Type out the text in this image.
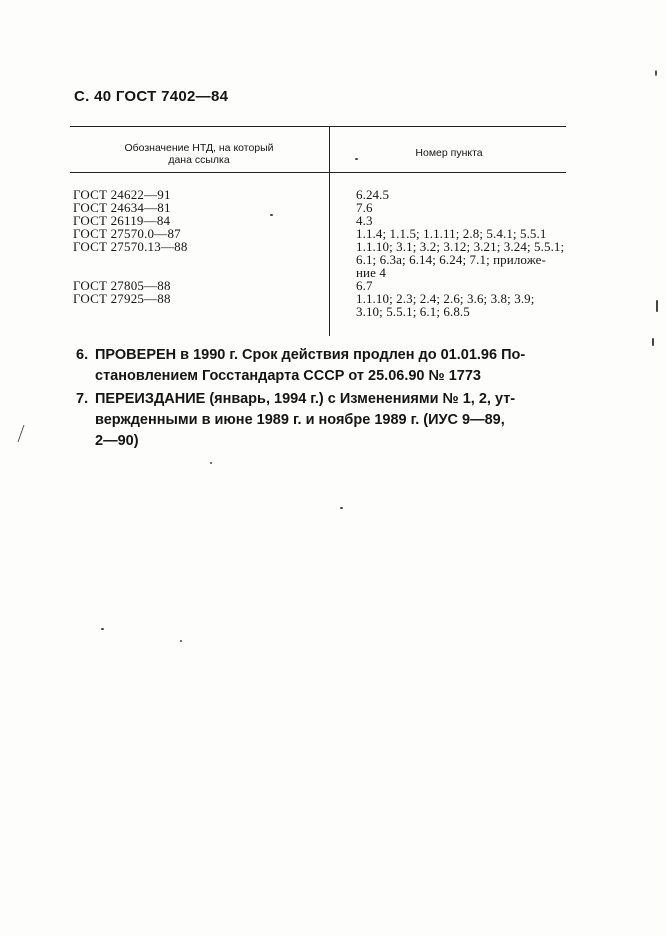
С. 40 ГОСТ 7402—84
Обозначение НТД, на который
дана ссылка
Номер пункта
ГОСТ 24622—91
ГОСТ 24634—81
ГОСТ 26119—84
ГОСТ 27570.0—87
ГОСТ 27570.13—88
ГОСТ 27805—88
ГОСТ 27925—88
6.24.5
7.6
4.3
1.1.4; 1.1.5; 1.1.11; 2.8; 5.4.1; 5.5.1
1.1.10; 3.1; 3.2; 3.12; 3.21; 3.24; 5.5.1;
6.1; 6.3а; 6.14; 6.24; 7.1; приложе-
ние 4
6.7
1.1.10; 2.3; 2.4; 2.6; 3.6; 3.8; 3.9;
3.10; 5.5.1; 6.1; 6.8.5
6. ПРОВЕРЕН в 1990 г. Срок действия продлен до 01.01.96 По-
становлением Госстандарта СССР от 25.06.90 № 1773
7. ПЕРЕИЗДАНИЕ (январь, 1994 г.) с Изменениями № 1, 2, ут-
вержденными в июне 1989 г. и ноябре 1989 г. (ИУС 9—89,
2—90)
